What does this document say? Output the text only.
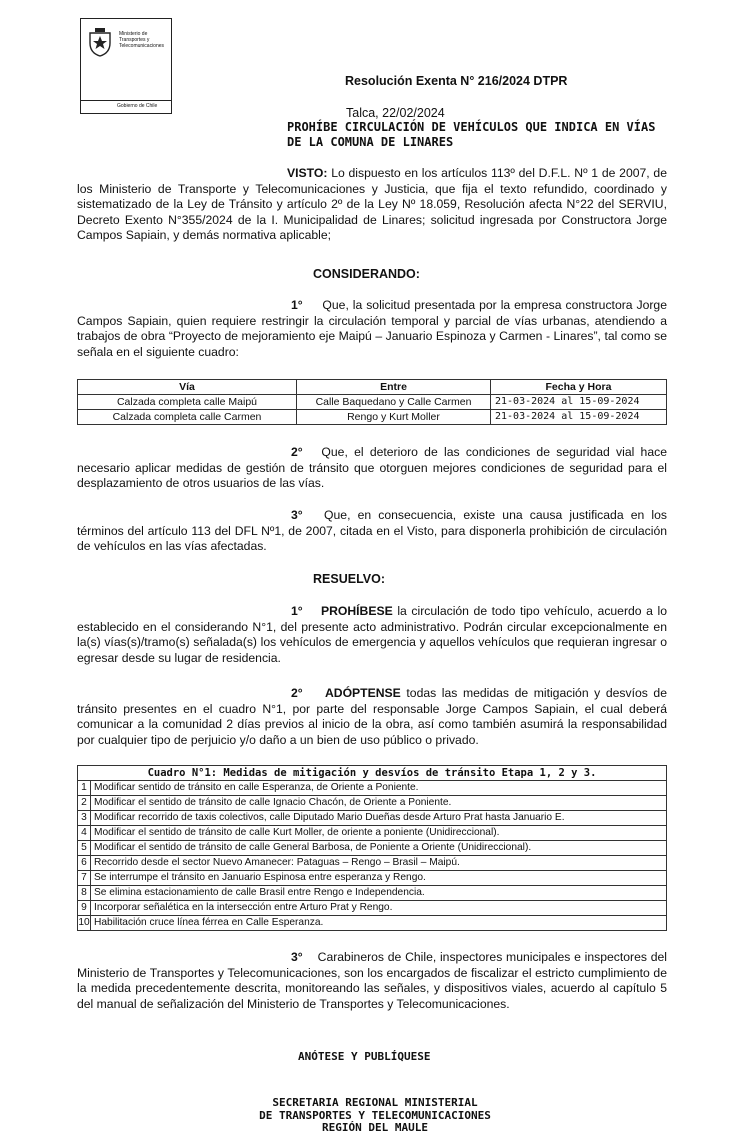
Ministerio de Transportes y Telecomunicaciones
Gobierno de Chile
Resolución Exenta N° 216/2024 DTPR
Talca, 22/02/2024
PROHÍBE CIRCULACIÓN DE VEHÍCULOS QUE INDICA EN VÍAS DE LA COMUNA DE LINARES
VISTO: Lo dispuesto en los artículos 113º del D.F.L. Nº 1 de 2007, de los Ministerio de Transporte y Telecomunicaciones y Justicia, que fija el texto refundido, coordinado y sistematizado de la Ley de Tránsito y artículo 2º de la Ley Nº 18.059, Resolución afecta N°22 del SERVIU, Decreto Exento N°355/2024 de la I. Municipalidad de Linares; solicitud ingresada por Constructora Jorge Campos Sapiain, y demás normativa aplicable;
CONSIDERANDO:
1° Que, la solicitud presentada por la empresa constructora Jorge Campos Sapiain, quien requiere restringir la circulación temporal y parcial de vías urbanas, atendiendo a trabajos de obra “Proyecto de mejoramiento eje Maipú – Januario Espinoza y Carmen - Linares”, tal como se señala en el siguiente cuadro:
Vía	Entre	Fecha y Hora
Calzada completa calle Maipú	Calle Baquedano y Calle Carmen	21-03-2024 al 15-09-2024
Calzada completa calle Carmen	Rengo y Kurt Moller	21-03-2024 al 15-09-2024
2° Que, el deterioro de las condiciones de seguridad vial hace necesario aplicar medidas de gestión de tránsito que otorguen mejores condiciones de seguridad para el desplazamiento de otros usuarios de las vías.
3° Que, en consecuencia, existe una causa justificada en los términos del artículo 113 del DFL Nº1, de 2007, citada en el Visto, para disponerla prohibición de circulación de vehículos en las vías afectadas.
RESUELVO:
1° PROHÍBESE la circulación de todo tipo vehículo, acuerdo a lo establecido en el considerando N°1, del presente acto administrativo. Podrán circular excepcionalmente en la(s) vías(s)/tramo(s) señalada(s) los vehículos de emergencia y aquellos vehículos que requieran ingresar o egresar desde su lugar de residencia.
2° ADÓPTENSE todas las medidas de mitigación y desvíos de tránsito presentes en el cuadro N°1, por parte del responsable Jorge Campos Sapiain, el cual deberá comunicar a la comunidad 2 días previos al inicio de la obra, así como también asumirá la responsabilidad por cualquier tipo de perjuicio y/o daño a un bien de uso público o privado.
Cuadro N°1: Medidas de mitigación y desvíos de tránsito Etapa 1, 2 y 3.	
1	Modificar sentido de tránsito en calle Esperanza, de Oriente a Poniente.
2	Modificar el sentido de tránsito de calle Ignacio Chacón, de Oriente a Poniente.
3	Modificar recorrido de taxis colectivos, calle Diputado Mario Dueñas desde Arturo Prat hasta Januario E.
4	Modificar el sentido de tránsito de calle Kurt Moller, de oriente a poniente (Unidireccional).
5	Modificar el sentido de tránsito de calle General Barbosa, de Poniente a Oriente (Unidireccional).
6	Recorrido desde el sector Nuevo Amanecer: Pataguas – Rengo – Brasil – Maipú.
7	Se interrumpe el tránsito en Januario Espinosa entre esperanza y Rengo.
8	Se elimina estacionamiento de calle Brasil entre Rengo e Independencia.
9	Incorporar señalética en la intersección entre Arturo Prat y Rengo.
10	Habilitación cruce línea férrea en Calle Esperanza.
3° Carabineros de Chile, inspectores municipales e inspectores del Ministerio de Transportes y Telecomunicaciones, son los encargados de fiscalizar el estricto cumplimiento de la medida precedentemente descrita, monitoreando las señales, y dispositivos viales, acuerdo al capítulo 5 del manual de señalización del Ministerio de Transportes y Telecomunicaciones.
ANÓTESE Y PUBLÍQUESE
SECRETARIA REGIONAL MINISTERIAL
DE TRANSPORTES Y TELECOMUNICACIONES
REGIÓN DEL MAULE
